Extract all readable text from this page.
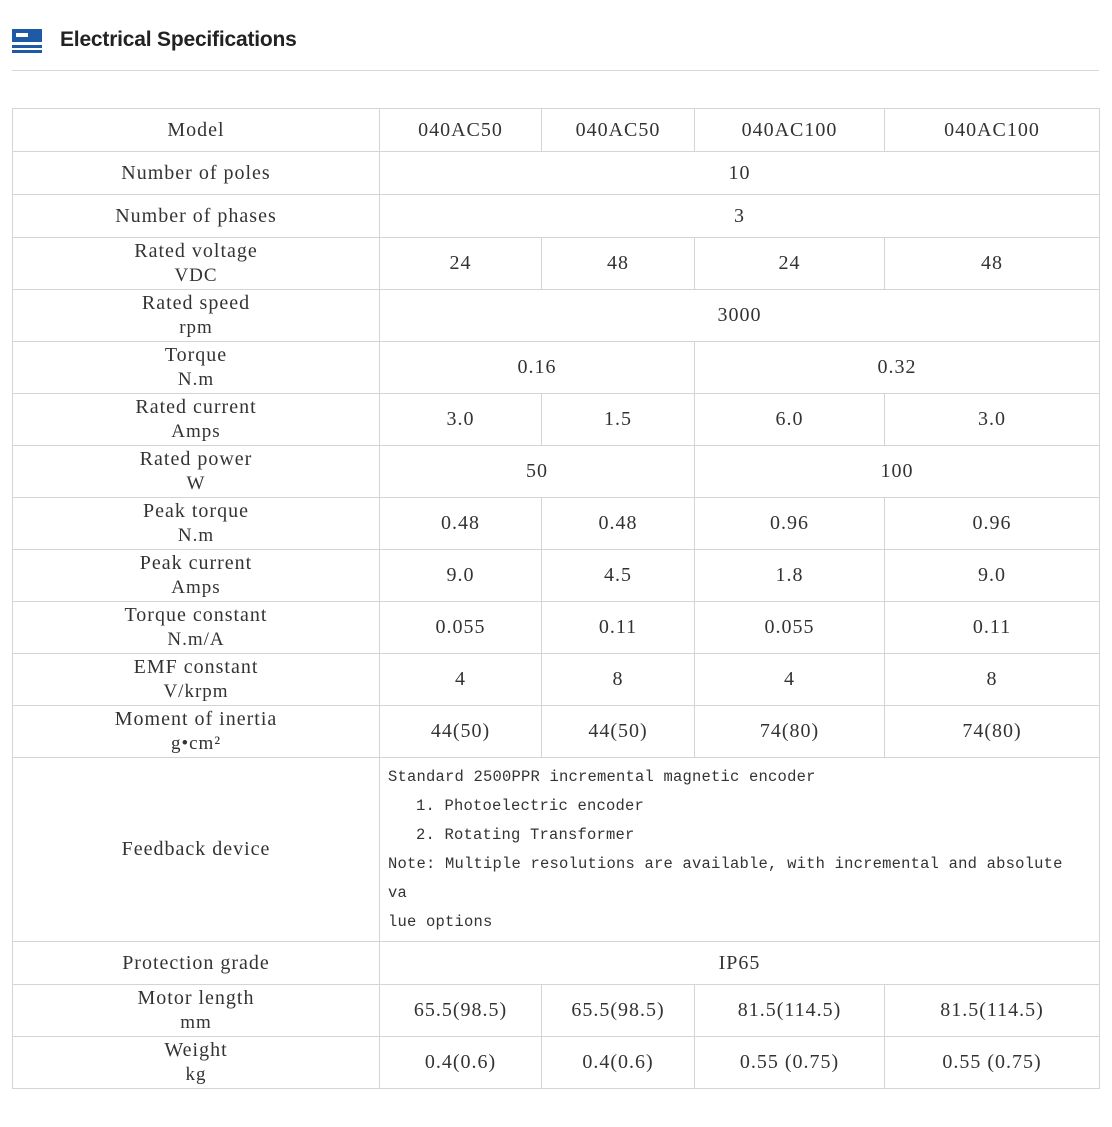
Electrical Specifications
Model	040AC50	040AC50	040AC100	040AC100
Number of poles	10			
Number of phases	3			

Rated voltage
VDC	24	48	24	48

Rated speed
rpm	3000			

Torque
N.m	0.16		0.32	

Rated current
Amps	3.0	1.5	6.0	3.0

Rated power
W	50		100	

Peak torque
N.m	0.48	0.48	0.96	0.96

Peak current
Amps	9.0	4.5	1.8	9.0

Torque constant
N.m/A	0.055	0.11	0.055	0.11

EMF constant
V/krpm	4	8	4	8

Moment of inertia
g•cm²	44(50)	44(50)	74(80)	74(80)
Feedback device	Standard 2500PPR incremental magnetic encoder
1. Photoelectric encoder
2. Rotating Transformer
Note: Multiple resolutions are available, with incremental and absolute va
lue options			

Protection grade	IP65			

Motor length
mm	65.5(98.5)	65.5(98.5)	81.5(114.5)	81.5(114.5)

Weight
kg	0.4(0.6)	0.4(0.6)	0.55 (0.75)	0.55 (0.75)
